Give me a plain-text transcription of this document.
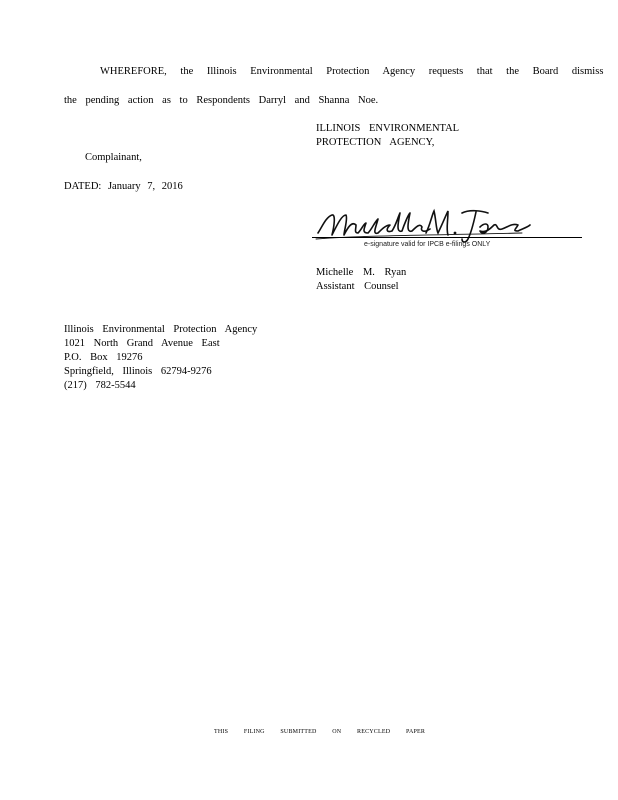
WHEREFORE, the Illinois Environmental Protection Agency requests that the Board dismiss
the pending action as to Respondents Darryl and Shanna Noe.
ILLINOIS ENVIRONMENTAL
PROTECTION AGENCY,
Complainant,
DATED: January 7, 2016
e-signature valid for IPCB e-filings ONLY
Michelle M. Ryan
Assistant Counsel
Illinois Environmental Protection Agency
1021 North Grand Avenue East
P.O. Box 19276
Springfield, Illinois 62794-9276
(217) 782-5544
THIS FILING SUBMITTED ON RECYCLED PAPER
